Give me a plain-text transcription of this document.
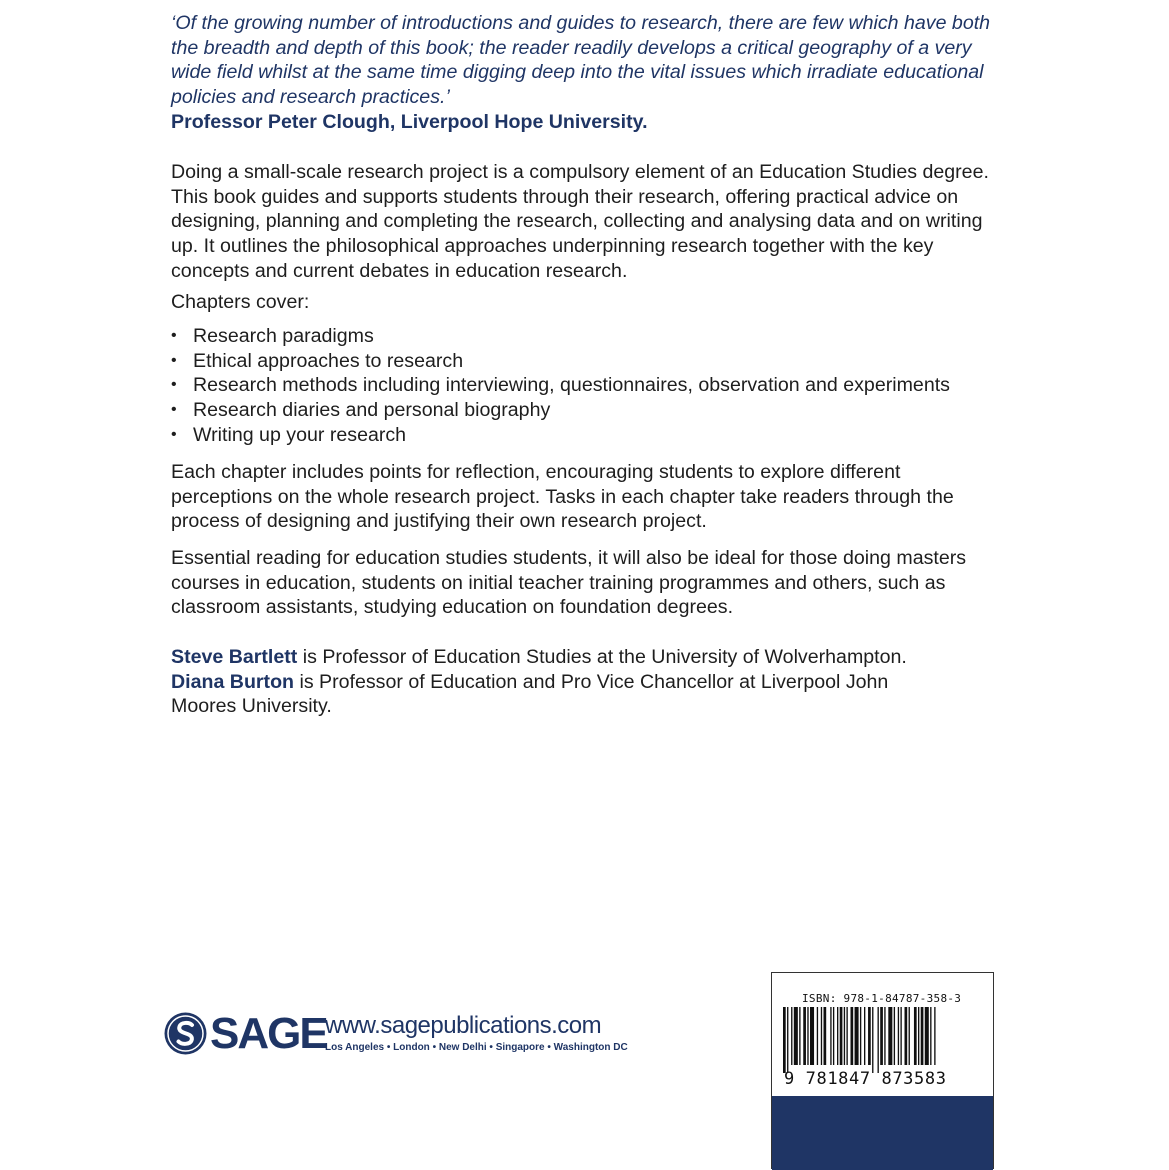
‘Of the growing number of introductions and guides to research, there are few which have both the breadth and depth of this book; the reader readily develops a critical geography of a very wide field whilst at the same time digging deep into the vital issues which irradiate educational policies and research practices.’
Professor Peter Clough, Liverpool Hope University.

Doing a small-scale research project is a compulsory element of an Education Studies degree. This book guides and supports students through their research, offering practical advice on designing, planning and completing the research, collecting and analysing data and on writing up. It outlines the philosophical approaches underpinning research together with the key concepts and current debates in education research.

Chapters cover:

• Research paradigms
• Ethical approaches to research
• Research methods including interviewing, questionnaires, observation and experiments
• Research diaries and personal biography
• Writing up your research

Each chapter includes points for reflection, encouraging students to explore different perceptions on the whole research project. Tasks in each chapter take readers through the process of designing and justifying their own research project.

Essential reading for education studies students, it will also be ideal for those doing masters courses in education, students on initial teacher training programmes and others, such as classroom assistants, studying education on foundation degrees.

Steve Bartlett is Professor of Education Studies at the University of Wolverhampton.
Diana Burton is Professor of Education and Pro Vice Chancellor at Liverpool John Moores University.
SAGE
www.sagepublications.com
Los Angeles • London • New Delhi • Singapore • Washington DC
ISBN: 978-1-84787-358-3
9 781847 873583
